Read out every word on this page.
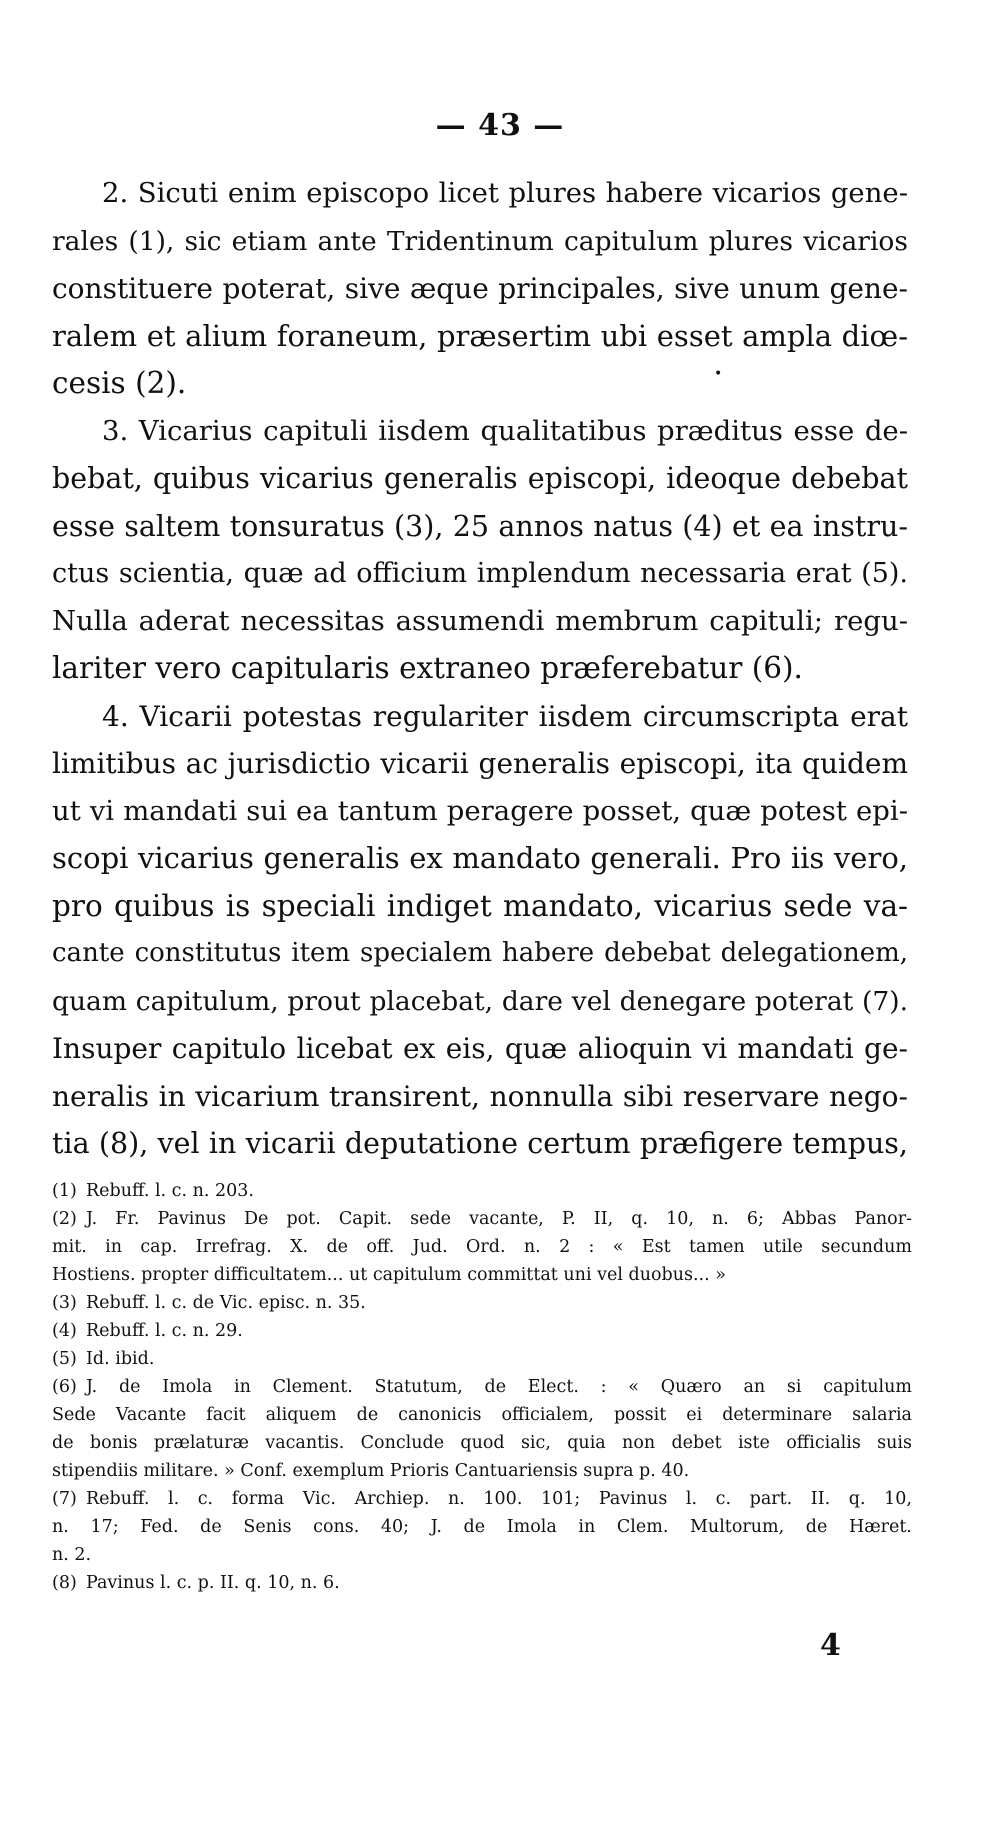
— 43 —
•
2. Sicuti enim episcopo licet plures habere vicarios gene-
rales (1), sic etiam ante Tridentinum capitulum plures vicarios
constituere poterat, sive æque principales, sive unum gene-
ralem et alium foraneum, præsertim ubi esset ampla diœ-
cesis (2).
3. Vicarius capituli iisdem qualitatibus præditus esse de-
bebat, quibus vicarius generalis episcopi, ideoque debebat
esse saltem tonsuratus (3), 25 annos natus (4) et ea instru-
ctus scientia, quæ ad officium implendum necessaria erat (5).
Nulla aderat necessitas assumendi membrum capituli; regu-
lariter vero capitularis extraneo præferebatur (6).
4. Vicarii potestas regulariter iisdem circumscripta erat
limitibus ac jurisdictio vicarii generalis episcopi, ita quidem
ut vi mandati sui ea tantum peragere posset, quæ potest epi-
scopi vicarius generalis ex mandato generali. Pro iis vero,
pro quibus is speciali indiget mandato, vicarius sede va-
cante constitutus item specialem habere debebat delegationem,
quam capitulum, prout placebat, dare vel denegare poterat (7).
Insuper capitulo licebat ex eis, quæ alioquin vi mandati ge-
neralis in vicarium transirent, nonnulla sibi reservare nego-
tia (8), vel in vicarii deputatione certum præfigere tempus,
(1) Rebuff. l. c. n. 203.
(2) J. Fr. Pavinus De pot. Capit. sede vacante, P. II, q. 10, n. 6; Abbas Panor-
mit. in cap. Irrefrag. X. de off. Jud. Ord. n. 2 : « Est tamen utile secundum
Hostiens. propter difficultatem... ut capitulum committat uni vel duobus... »
(3) Rebuff. l. c. de Vic. episc. n. 35.
(4) Rebuff. l. c. n. 29.
(5) Id. ibid.
(6) J. de Imola in Clement. Statutum, de Elect. : « Quæro an si capitulum
Sede Vacante facit aliquem de canonicis officialem, possit ei determinare salaria
de bonis prælaturæ vacantis. Conclude quod sic, quia non debet iste officialis suis
stipendiis militare. » Conf. exemplum Prioris Cantuariensis supra p. 40.
(7) Rebuff. l. c. forma Vic. Archiep. n. 100. 101; Pavinus l. c. part. II. q. 10,
n. 17; Fed. de Senis cons. 40; J. de Imola in Clem. Multorum, de Hæret.
n. 2.
(8) Pavinus l. c. p. II. q. 10, n. 6.
4
